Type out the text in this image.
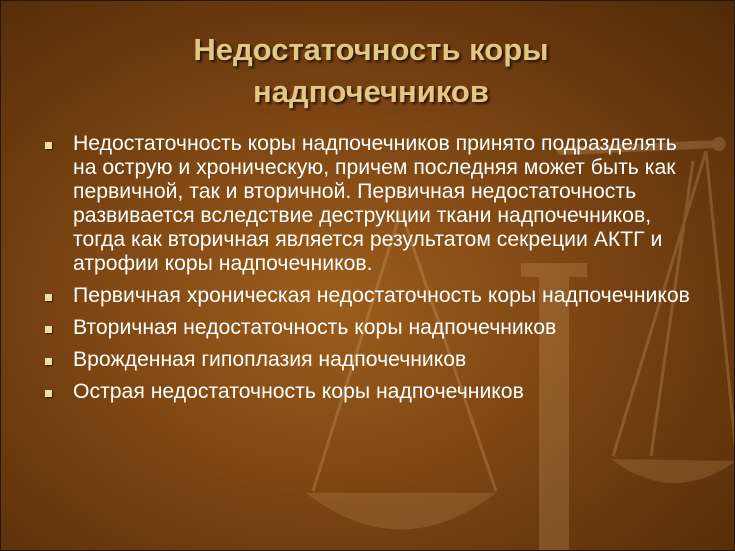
Недостаточность коры
надпочечников
Недостаточность коры надпочечников принято подразделять на острую и хроническую, причем последняя может быть как первичной, так и вторичной. Первичная недостаточность развивается вследствие деструкции ткани надпочечников, тогда как вторичная является результатом секреции АКТГ и атрофии коры надпочечников.
Первичная хроническая недостаточность коры надпочечников
Вторичная недостаточность коры надпочечников
Врожденная гипоплазия надпочечников
Острая недостаточность коры надпочечников
